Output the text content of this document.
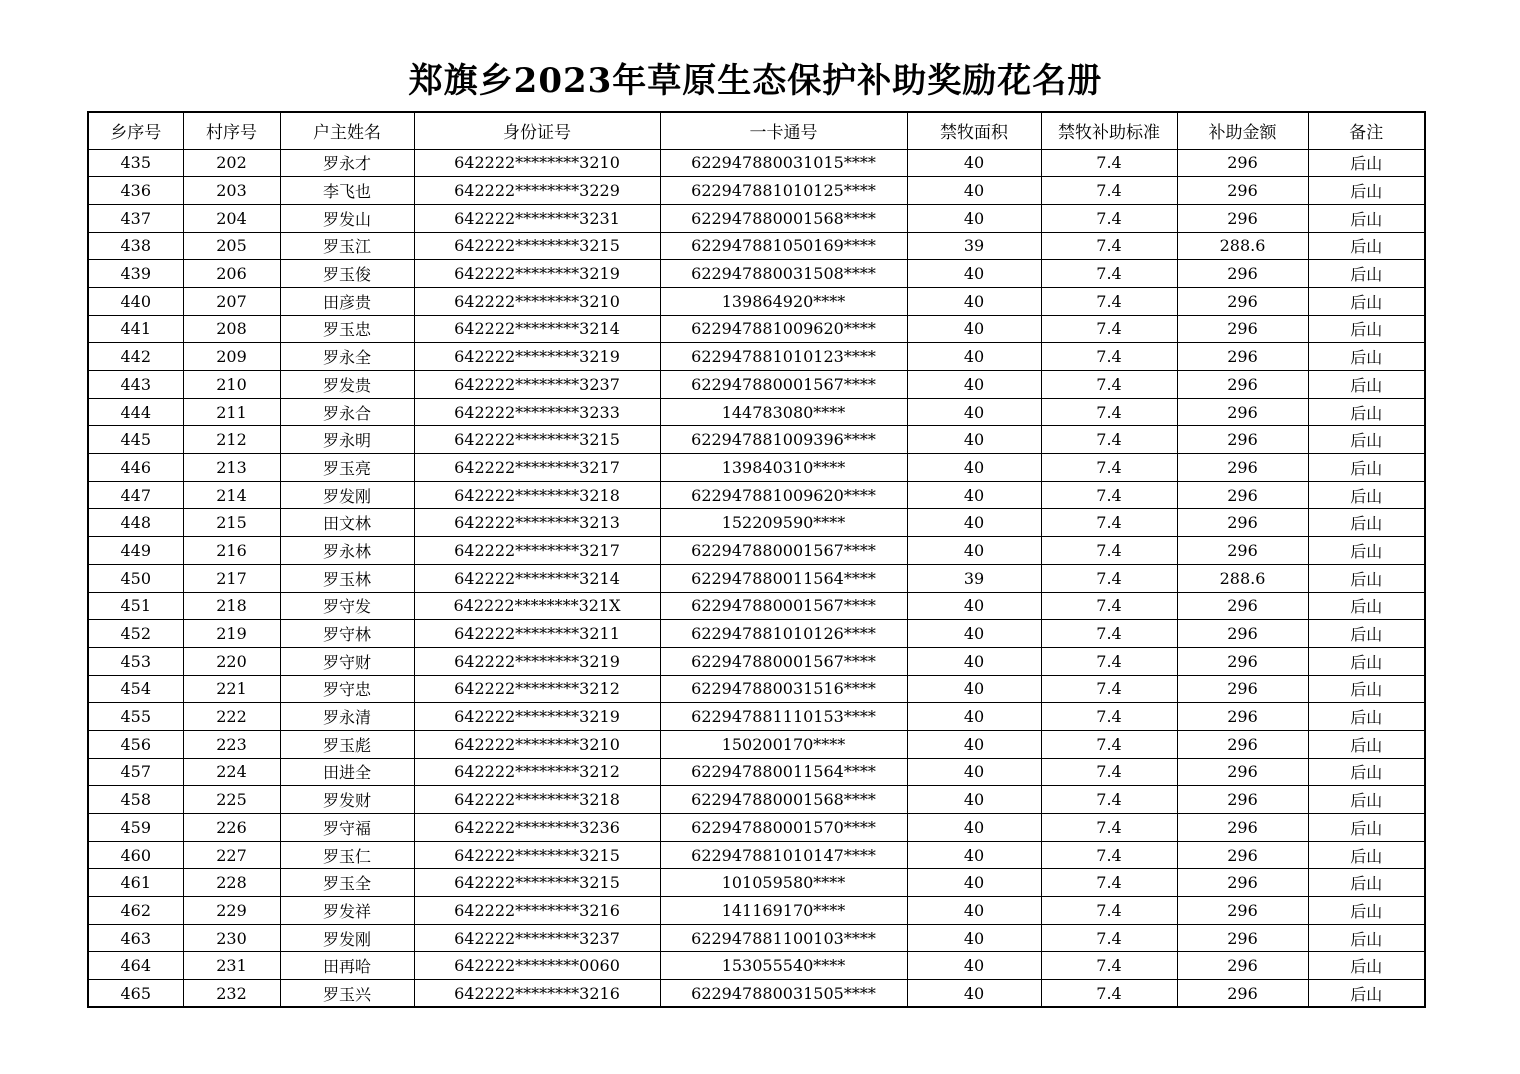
郑旗乡2023年草原生态保护补助奖励花名册
乡序号	村序号	户主姓名	身份证号	一卡通号	禁牧面积	禁牧补助标准	补助金额	备注
435	202	罗永才	642222********3210	622947880031015****	40	7.4	296	后山
436	203	李飞也	642222********3229	622947881010125****	40	7.4	296	后山
437	204	罗发山	642222********3231	622947880001568****	40	7.4	296	后山
438	205	罗玉江	642222********3215	622947881050169****	39	7.4	288.6	后山
439	206	罗玉俊	642222********3219	622947880031508****	40	7.4	296	后山
440	207	田彦贵	642222********3210	139864920****	40	7.4	296	后山
441	208	罗玉忠	642222********3214	622947881009620****	40	7.4	296	后山
442	209	罗永全	642222********3219	622947881010123****	40	7.4	296	后山
443	210	罗发贵	642222********3237	622947880001567****	40	7.4	296	后山
444	211	罗永合	642222********3233	144783080****	40	7.4	296	后山
445	212	罗永明	642222********3215	622947881009396****	40	7.4	296	后山
446	213	罗玉亮	642222********3217	139840310****	40	7.4	296	后山
447	214	罗发刚	642222********3218	622947881009620****	40	7.4	296	后山
448	215	田文林	642222********3213	152209590****	40	7.4	296	后山
449	216	罗永林	642222********3217	622947880001567****	40	7.4	296	后山
450	217	罗玉林	642222********3214	622947880011564****	39	7.4	288.6	后山
451	218	罗守发	642222********321X	622947880001567****	40	7.4	296	后山
452	219	罗守林	642222********3211	622947881010126****	40	7.4	296	后山
453	220	罗守财	642222********3219	622947880001567****	40	7.4	296	后山
454	221	罗守忠	642222********3212	622947880031516****	40	7.4	296	后山
455	222	罗永清	642222********3219	622947881110153****	40	7.4	296	后山
456	223	罗玉彪	642222********3210	150200170****	40	7.4	296	后山
457	224	田进全	642222********3212	622947880011564****	40	7.4	296	后山
458	225	罗发财	642222********3218	622947880001568****	40	7.4	296	后山
459	226	罗守福	642222********3236	622947880001570****	40	7.4	296	后山
460	227	罗玉仁	642222********3215	622947881010147****	40	7.4	296	后山
461	228	罗玉全	642222********3215	101059580****	40	7.4	296	后山
462	229	罗发祥	642222********3216	141169170****	40	7.4	296	后山
463	230	罗发刚	642222********3237	622947881100103****	40	7.4	296	后山
464	231	田再哈	642222********0060	153055540****	40	7.4	296	后山
465	232	罗玉兴	642222********3216	622947880031505****	40	7.4	296	后山
